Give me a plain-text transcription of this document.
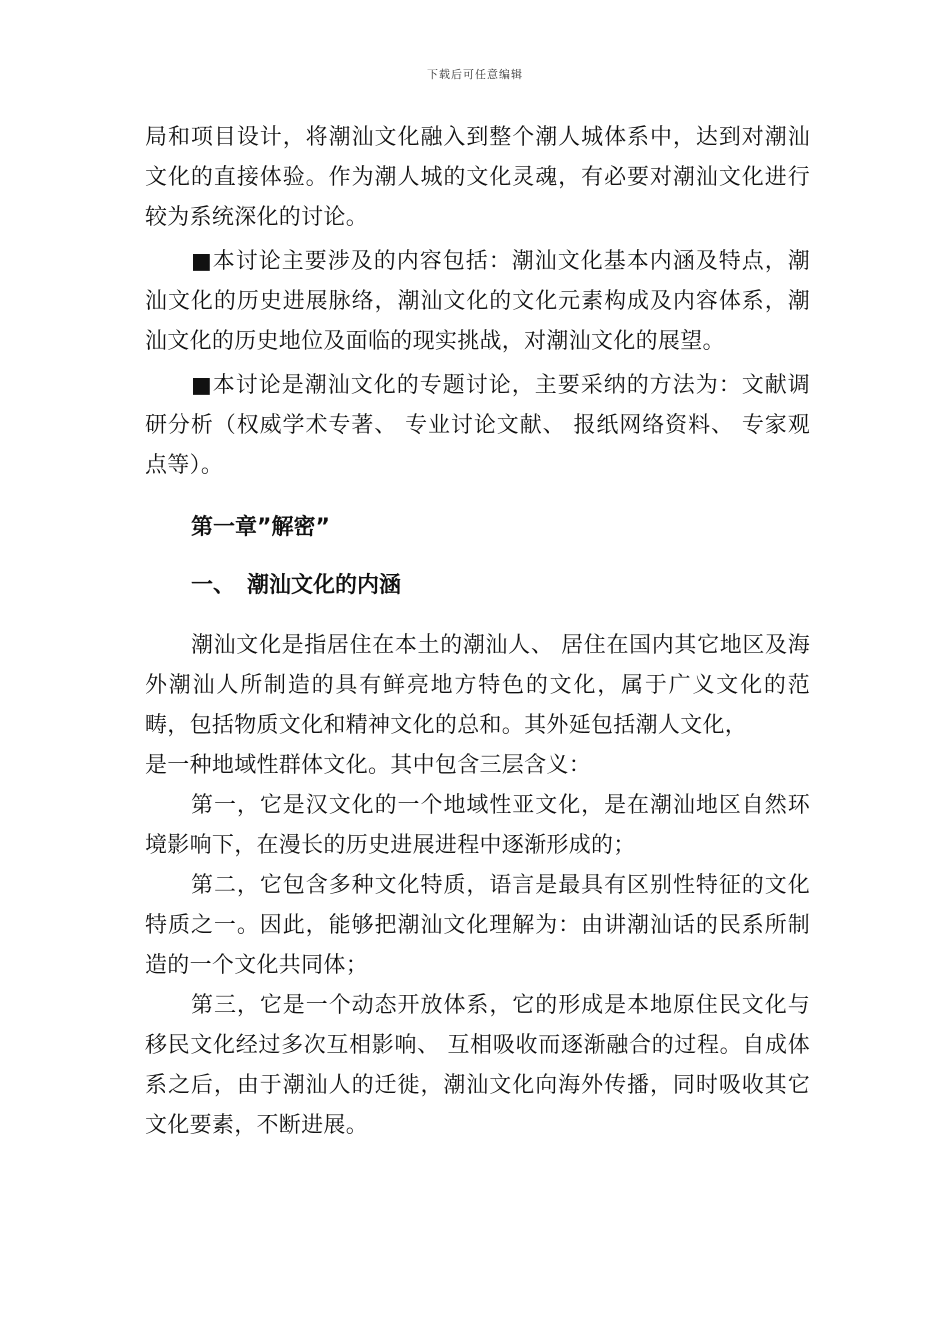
下载后可任意编辑

局和项目设计，将潮汕文化融入到整个潮人城体系中，达到对潮汕文化的直接体验。作为潮人城的文化灵魂，有必要对潮汕文化进行较为系统深化的讨论。

■本讨论主要涉及的内容包括：潮汕文化基本内涵及特点，潮汕文化的历史进展脉络，潮汕文化的文化元素构成及内容体系，潮汕文化的历史地位及面临的现实挑战，对潮汕文化的展望。

■本讨论是潮汕文化的专题讨论，主要采纳的方法为：文献调研分析（权威学术专著、 专业讨论文献、 报纸网络资料、 专家观点等）。

第一章”解密”
一、 潮汕文化的内涵

潮汕文化是指居住在本土的潮汕人、 居住在国内其它地区及海外潮汕人所制造的具有鲜亮地方特色的文化，属于广义文化的范畴，包括物质文化和精神文化的总和。其外延包括潮人文化，

是一种地域性群体文化。其中包含三层含义：

第一，它是汉文化的一个地域性亚文化，是在潮汕地区自然环境影响下，在漫长的历史进展进程中逐渐形成的；

第二，它包含多种文化特质，语言是最具有区别性特征的文化特质之一。因此，能够把潮汕文化理解为：由讲潮汕话的民系所制造的一个文化共同体；

第三，它是一个动态开放体系，它的形成是本地原住民文化与移民文化经过多次互相影响、 互相吸收而逐渐融合的过程。自成体系之后，由于潮汕人的迁徙，潮汕文化向海外传播，同时吸收其它文化要素，不断进展。
